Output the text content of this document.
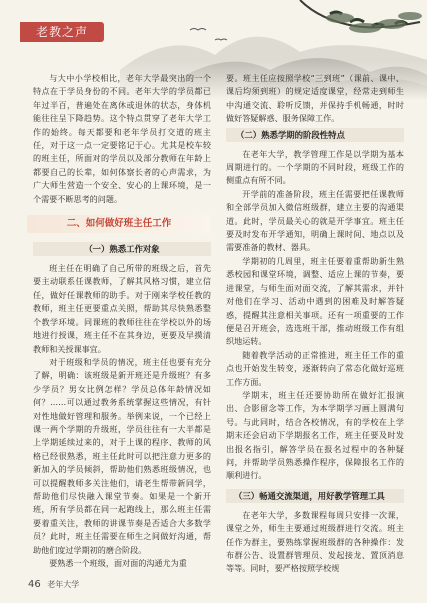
老教之声

与大中小学校相比，老年大学最突出的一个特点在于学员身份的不同。老年大学的学员都已年过半百，普遍处在离休或退休的状态，身体机能往往呈下降趋势。这个特点贯穿了老年大学工作的始终。每天都要和老年学员打交道的班主任，对于这一点一定要铭记于心。尤其是校车较的班主任，所面对的学员以及部分教师在年龄上都要自己的长辈，如何体察长者的心声需求，为广大师生营造一个安全、安心的上课环境，是一个需要不断思考的问题。

二、如何做好班主任工作
（一）熟悉工作对象

班主任在明确了自己所带的班级之后，首先要主动联系任课教师，了解其风格习惯，建立信任，做好任课教师的助手。对于刚来学校任教的教师，班主任更要重点关照，帮助其尽快熟悉整个教学环境。同课班的教师往往在学校以外的场地进行授课，班主任不在其身边，更要及早摸清教师和关授课事宜。

对于班级和学员的情况，班主任也要有充分了解，明确：该班级是新开班还是升级班？有多少学员？男女比例怎样？学员总体年龄情况如何？……可以通过教务系统掌握这些情况，有针对性地做好管理和服务。举例来说，一个已经上课一两个学期的升级班，学员往往有一大半都是上学期延续过来的，对于上课的程序、教师的风格已经很熟悉，班主任此时可以把注意力更多的新加入的学员倾斜，帮助他们熟悉班级情况，也可以提醒教师多关注他们，请老生帮带新同学，帮助他们尽快融入课堂节奏。如果是一个新开班，所有学员都在同一起跑线上，那么班主任需要着重关注，教师的讲课节奏是否适合大多数学员？此时，班主任需要在师生之间做好沟通，帮助他们度过学期初的磨合阶段。

要熟悉一个班级，面对面的沟通尤为重

要。班主任应按照学校“三到班”（课前、课中、课后均须到班）的规定适度课堂，经常走到师生中沟通交流、聆听反馈，并保持手机畅通，时时做好答疑解惑、服务保障工作。

（二）熟悉学期的阶段性特点

在老年大学，教学管理工作是以学期为基本周期进行的。一个学期的不同时段，班级工作的侧重点有所不同。

开学前的准备阶段，班主任需要把任课教师和全部学员加入微信班级群，建立主要的沟通渠道。此时，学员最关心的就是开学事宜。班主任要及时发布开学通知，明确上课时间、地点以及需要准备的教材、器具。

学期初的几周里，班主任要着重帮助新生熟悉校园和课堂环境，调整、适应上课的节奏，要进课堂，与师生面对面交流，了解其需求，并针对他们在学习、活动中遇到的困难及时解答疑惑，提醒其注意相关事项。还有一项重要的工作便是召开班会，选选班干部，推动班级工作有组织地运转。

随着教学活动的正常推进，班主任工作的重点也开始发生转变，逐渐转向了常态化做好巡班工作方面。

学期末，班主任还要协助所在做好汇报演出、合影留念等工作，为本学期学习画上圆满句号。与此同时，结合各校情况，有的学校在上学期末还会启动下学期报名工作，班主任要及时发出报名指引，解答学员在报名过程中的各种疑问，并帮助学员熟悉操作程序，保障报名工作的顺利进行。

（三）畅通交流渠道，用好教学管理工具

在老年大学，多数课程每周只安排一次课，课堂之外，师生主要通过班级群进行交流。班主任作为群主，要熟练掌握班级群的各种操作：发布群公告、设置群管理员、发起接龙、置顶消息等等。同时，要严格按照学校规

46 老年大学
